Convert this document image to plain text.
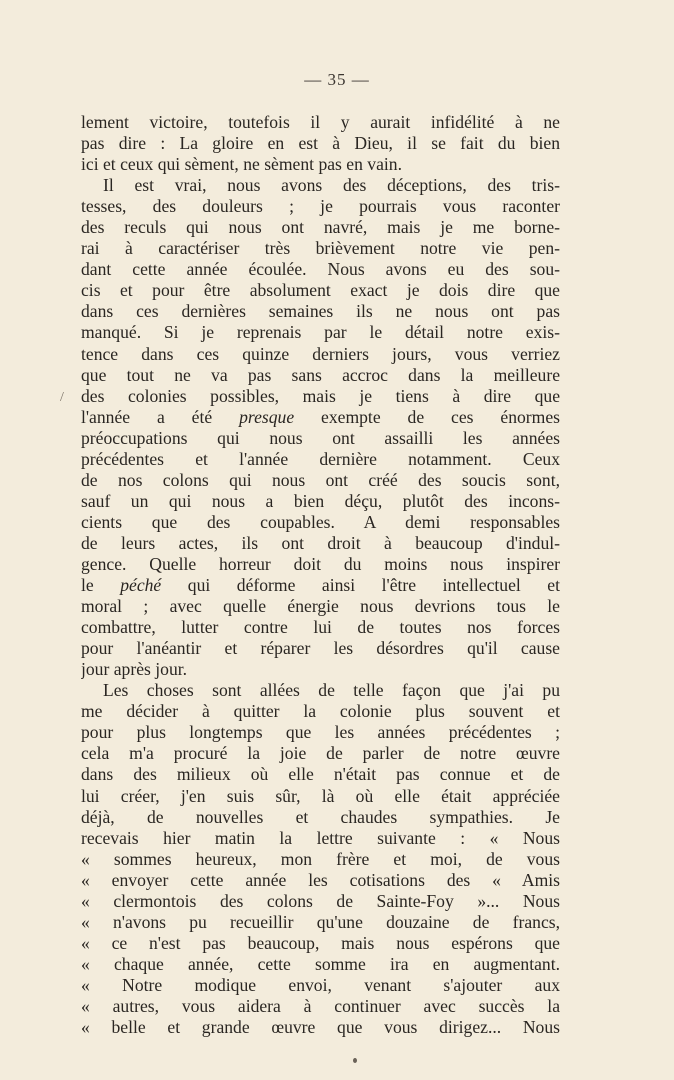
— 35 —
/
lement victoire, toutefois il y aurait infidélité à ne
pas dire : La gloire en est à Dieu, il se fait du bien
ici et ceux qui sèment, ne sèment pas en vain.
Il est vrai, nous avons des déceptions, des tris-
tesses, des douleurs ; je pourrais vous raconter
des reculs qui nous ont navré, mais je me borne-
rai à caractériser très brièvement notre vie pen-
dant cette année écoulée. Nous avons eu des sou-
cis et pour être absolument exact je dois dire que
dans ces dernières semaines ils ne nous ont pas
manqué. Si je reprenais par le détail notre exis-
tence dans ces quinze derniers jours, vous verriez
que tout ne va pas sans accroc dans la meilleure
des colonies possibles, mais je tiens à dire que
l'année a été presque exempte de ces énormes
préoccupations qui nous ont assailli les années
précédentes et l'année dernière notamment. Ceux
de nos colons qui nous ont créé des soucis sont,
sauf un qui nous a bien déçu, plutôt des incons-
cients que des coupables. A demi responsables
de leurs actes, ils ont droit à beaucoup d'indul-
gence. Quelle horreur doit du moins nous inspirer
le péché qui déforme ainsi l'être intellectuel et
moral ; avec quelle énergie nous devrions tous le
combattre, lutter contre lui de toutes nos forces
pour l'anéantir et réparer les désordres qu'il cause
jour après jour.
Les choses sont allées de telle façon que j'ai pu
me décider à quitter la colonie plus souvent et
pour plus longtemps que les années précédentes ;
cela m'a procuré la joie de parler de notre œuvre
dans des milieux où elle n'était pas connue et de
lui créer, j'en suis sûr, là où elle était appréciée
déjà, de nouvelles et chaudes sympathies. Je
recevais hier matin la lettre suivante : « Nous
« sommes heureux, mon frère et moi, de vous
« envoyer cette année les cotisations des « Amis
« clermontois des colons de Sainte-Foy »... Nous
« n'avons pu recueillir qu'une douzaine de francs,
« ce n'est pas beaucoup, mais nous espérons que
« chaque année, cette somme ira en augmentant.
« Notre modique envoi, venant s'ajouter aux
« autres, vous aidera à continuer avec succès la
« belle et grande œuvre que vous dirigez... Nous
